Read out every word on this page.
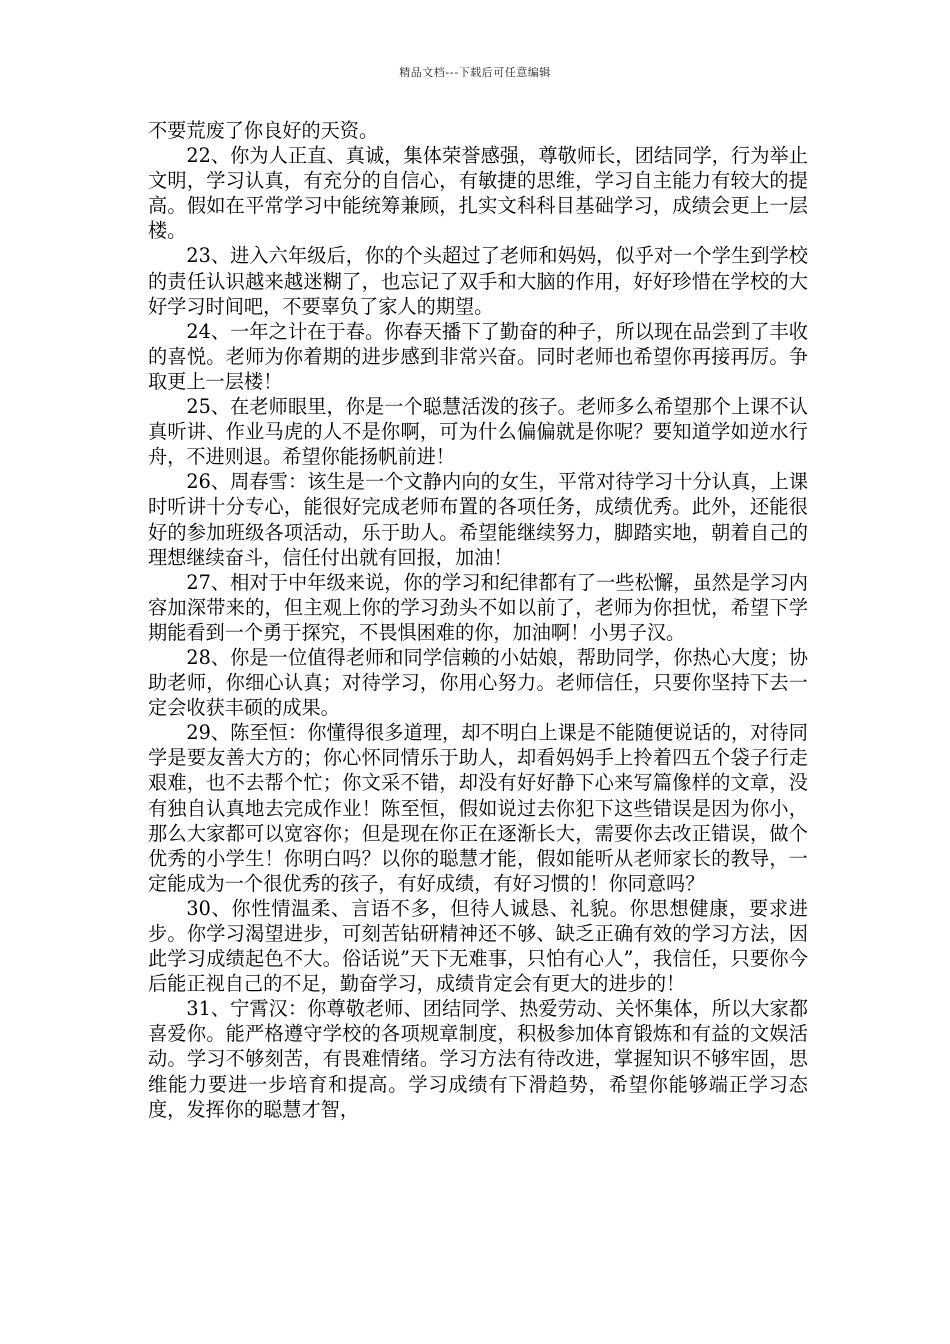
精品文档---下载后可任意编辑

不要荒废了你良好的天资。

22、你为人正直、真诚，集体荣誉感强，尊敬师长，团结同学，行为举止文明，学习认真，有充分的自信心，有敏捷的思维，学习自主能力有较大的提高。假如在平常学习中能统筹兼顾，扎实文科科目基础学习，成绩会更上一层楼。

23、进入六年级后，你的个头超过了老师和妈妈，似乎对一个学生到学校的责任认识越来越迷糊了，也忘记了双手和大脑的作用，好好珍惜在学校的大好学习时间吧，不要辜负了家人的期望。

24、一年之计在于春。你春天播下了勤奋的种子，所以现在品尝到了丰收的喜悦。老师为你着期的进步感到非常兴奋。同时老师也希望你再接再厉。争取更上一层楼！

25、在老师眼里，你是一个聪慧活泼的孩子。老师多么希望那个上课不认真听讲、作业马虎的人不是你啊，可为什么偏偏就是你呢？要知道学如逆水行舟，不进则退。希望你能扬帆前进！

26、周春雪：该生是一个文静内向的女生，平常对待学习十分认真，上课时听讲十分专心，能很好完成老师布置的各项任务，成绩优秀。此外，还能很好的参加班级各项活动，乐于助人。希望能继续努力，脚踏实地，朝着自己的理想继续奋斗，信任付出就有回报，加油！

27、相对于中年级来说，你的学习和纪律都有了一些松懈，虽然是学习内容加深带来的，但主观上你的学习劲头不如以前了，老师为你担忧，希望下学期能看到一个勇于探究，不畏惧困难的你，加油啊！小男子汉。

28、你是一位值得老师和同学信赖的小姑娘，帮助同学，你热心大度；协助老师，你细心认真；对待学习，你用心努力。老师信任，只要你坚持下去一定会收获丰硕的成果。

29、陈至恒：你懂得很多道理，却不明白上课是不能随便说话的，对待同学是要友善大方的；你心怀同情乐于助人，却看妈妈手上拎着四五个袋子行走艰难，也不去帮个忙；你文采不错，却没有好好静下心来写篇像样的文章，没有独自认真地去完成作业！陈至恒，假如说过去你犯下这些错误是因为你小，那么大家都可以宽容你；但是现在你正在逐渐长大，需要你去改正错误，做个优秀的小学生！你明白吗？以你的聪慧才能，假如能听从老师家长的教导，一定能成为一个很优秀的孩子，有好成绩，有好习惯的！你同意吗？

30、你性情温柔、言语不多，但待人诚恳、礼貌。你思想健康，要求进步。你学习渴望进步，可刻苦钻研精神还不够、缺乏正确有效的学习方法，因此学习成绩起色不大。俗话说”天下无难事，只怕有心人”，我信任，只要你今后能正视自己的不足，勤奋学习，成绩肯定会有更大的进步的！

31、宁霄汉：你尊敬老师、团结同学、热爱劳动、关怀集体，所以大家都喜爱你。能严格遵守学校的各项规章制度，积极参加体育锻炼和有益的文娱活动。学习不够刻苦，有畏难情绪。学习方法有待改进，掌握知识不够牢固，思维能力要进一步培育和提高。学习成绩有下滑趋势，希望你能够端正学习态度，发挥你的聪慧才智，
